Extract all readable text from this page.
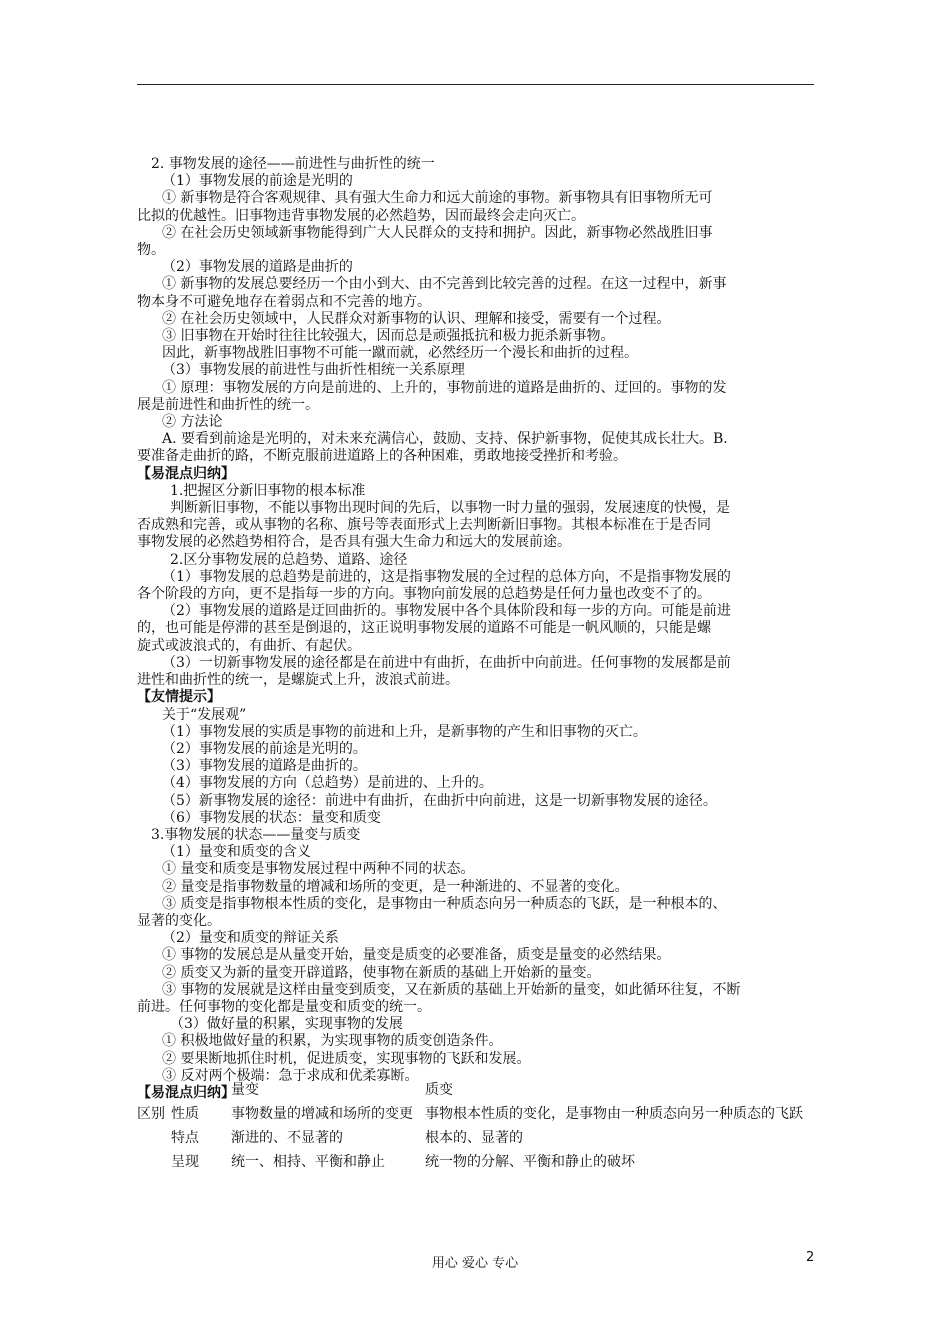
2. 事物发展的途径——前进性与曲折性的统一

（1）事物发展的前途是光明的

① 新事物是符合客观规律、具有强大生命力和远大前途的事物。新事物具有旧事物所无可

比拟的优越性。旧事物违背事物发展的必然趋势，因而最终会走向灭亡。

② 在社会历史领域新事物能得到广大人民群众的支持和拥护。因此，新事物必然战胜旧事

物。

（2）事物发展的道路是曲折的

① 新事物的发展总要经历一个由小到大、由不完善到比较完善的过程。在这一过程中，新事

物本身不可避免地存在着弱点和不完善的地方。

② 在社会历史领域中，人民群众对新事物的认识、理解和接受，需要有一个过程。

③ 旧事物在开始时往往比较强大，因而总是顽强抵抗和极力扼杀新事物。

因此，新事物战胜旧事物不可能一蹴而就，必然经历一个漫长和曲折的过程。

（3）事物发展的前进性与曲折性相统一关系原理

① 原理：事物发展的方向是前进的、上升的，事物前进的道路是曲折的、迂回的。事物的发

展是前进性和曲折性的统一。

② 方法论

A. 要看到前途是光明的，对未来充满信心，鼓励、支持、保护新事物，促使其成长壮大。B.

要准备走曲折的路，不断克服前进道路上的各种困难，勇敢地接受挫折和考验。

【易混点归纳】

1.把握区分新旧事物的根本标准

判断新旧事物，不能以事物出现时间的先后，以事物一时力量的强弱，发展速度的快慢，是

否成熟和完善，或从事物的名称、旗号等表面形式上去判断新旧事物。其根本标准在于是否同

事物发展的必然趋势相符合，是否具有强大生命力和远大的发展前途。

2.区分事物发展的总趋势、道路、途径

（1）事物发展的总趋势是前进的，这是指事物发展的全过程的总体方向，不是指事物发展的

各个阶段的方向，更不是指每一步的方向。事物向前发展的总趋势是任何力量也改变不了的。

（2）事物发展的道路是迂回曲折的。事物发展中各个具体阶段和每一步的方向。可能是前进

的，也可能是停滞的甚至是倒退的，这正说明事物发展的道路不可能是一帆风顺的，只能是螺

旋式或波浪式的，有曲折、有起伏。

（3）一切新事物发展的途径都是在前进中有曲折，在曲折中向前进。任何事物的发展都是前

进性和曲折性的统一，是螺旋式上升，波浪式前进。

【友情提示】

关于“发展观”

（1）事物发展的实质是事物的前进和上升，是新事物的产生和旧事物的灭亡。

（2）事物发展的前途是光明的。

（3）事物发展的道路是曲折的。

（4）事物发展的方向（总趋势）是前进的、上升的。

（5）新事物发展的途径：前进中有曲折，在曲折中向前进，这是一切新事物发展的途径。

（6）事物发展的状态：量变和质变

3.事物发展的状态——量变与质变

（1）量变和质变的含义

① 量变和质变是事物发展过程中两种不同的状态。

② 量变是指事物数量的增减和场所的变更，是一种渐进的、不显著的变化。

③ 质变是指事物根本性质的变化，是事物由一种质态向另一种质态的飞跃，是一种根本的、

显著的变化。

（2）量变和质变的辩证关系

① 事物的发展总是从量变开始，量变是质变的必要准备，质变是量变的必然结果。

② 质变又为新的量变开辟道路，使事物在新质的基础上开始新的量变。

③ 事物的发展就是这样由量变到质变，又在新质的基础上开始新的量变，如此循环往复，不断

前进。任何事物的变化都是量变和质变的统一。

（3）做好量的积累，实现事物的发展

① 积极地做好量的积累，为实现事物的质变创造条件。

② 要果断地抓住时机，促进质变，实现事物的飞跃和发展。

③ 反对两个极端：急于求成和优柔寡断。

【易混点归纳】

		量变	质变
区别	性质	事物数量的增减和场所的变更	事物根本性质的变化，是事物由一种质态向另一种质态的飞跃
	特点	渐进的、不显著的	根本的、显著的
	呈现	统一、相持、平衡和静止	统一物的分解、平衡和静止的破坏
用心 爱心 专心	2
